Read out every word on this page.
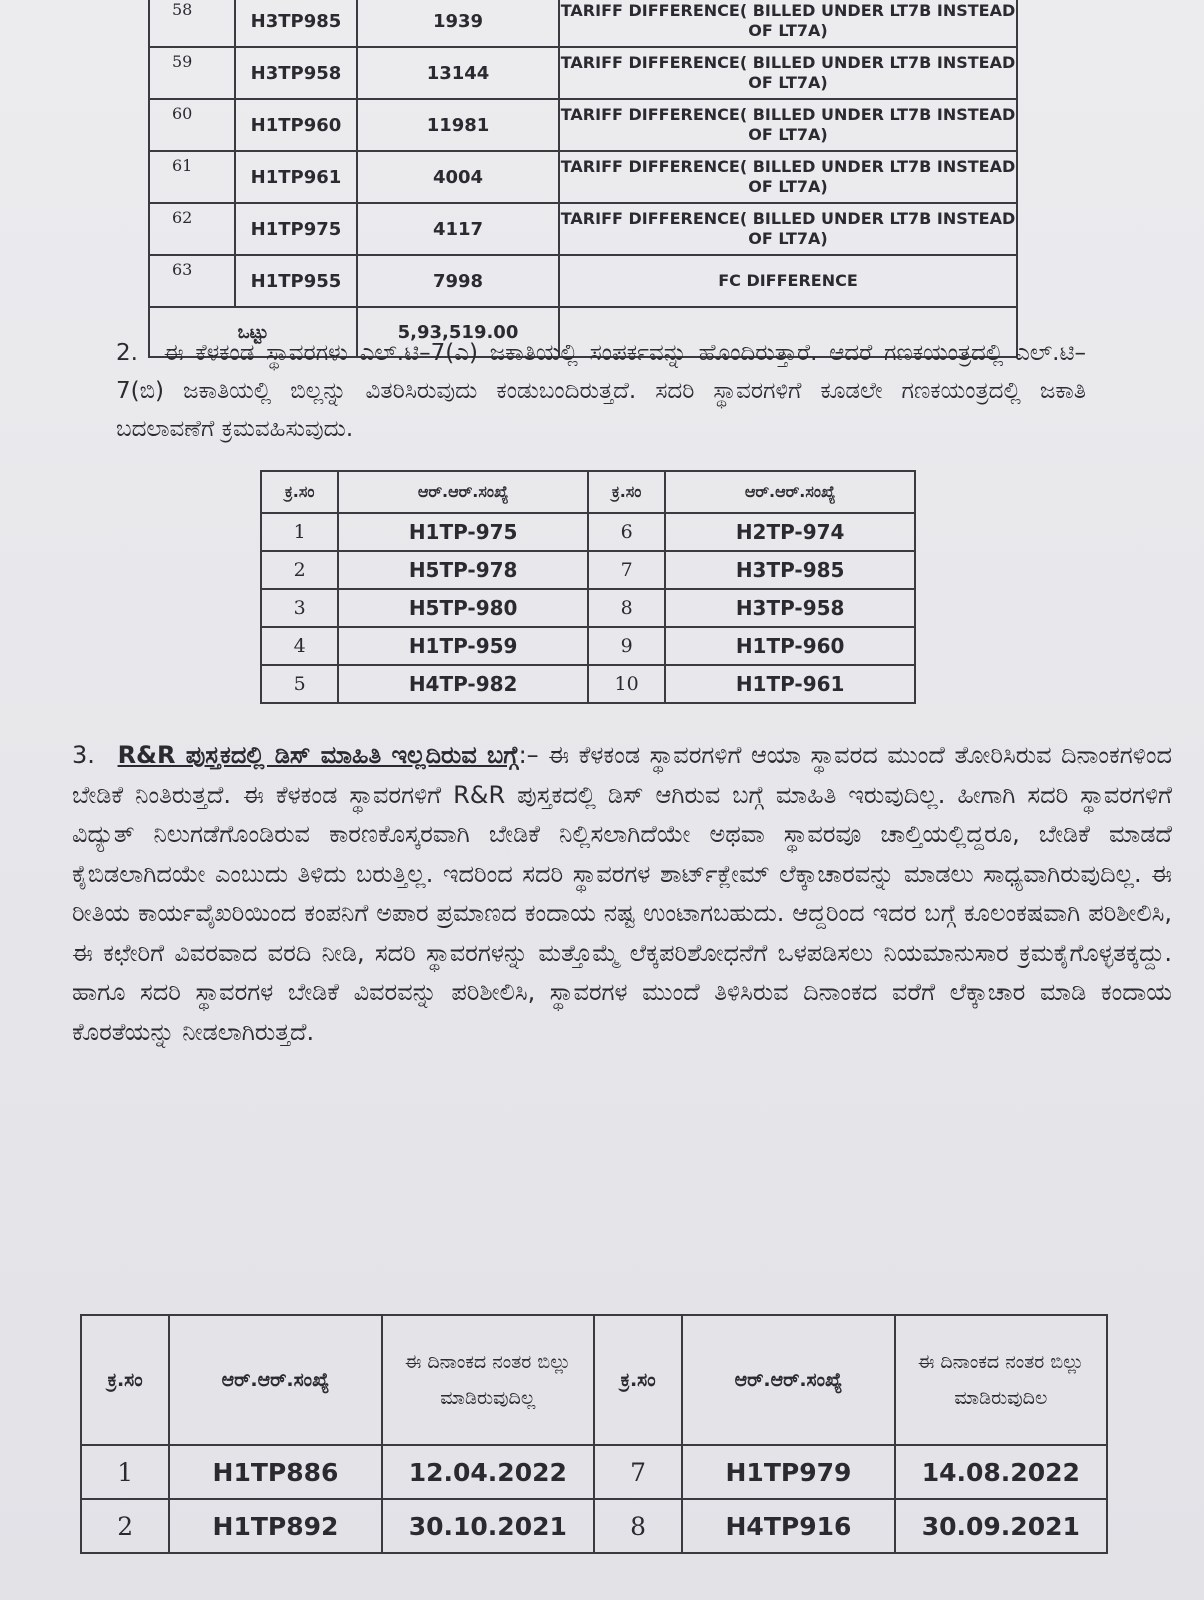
58	H3TP985	1939	TARIFF DIFFERENCE( BILLED UNDER LT7B INSTEAD OF LT7A)
59	H3TP958	13144	TARIFF DIFFERENCE( BILLED UNDER LT7B INSTEAD OF LT7A)
60	H1TP960	11981	TARIFF DIFFERENCE( BILLED UNDER LT7B INSTEAD OF LT7A)
61	H1TP961	4004	TARIFF DIFFERENCE( BILLED UNDER LT7B INSTEAD OF LT7A)
62	H1TP975	4117	TARIFF DIFFERENCE( BILLED UNDER LT7B INSTEAD OF LT7A)
63	H1TP955	7998	FC DIFFERENCE
ಒಟ್ಟು		5,93,519.00	
2. ಈ ಕೆಳಕಂಡ ಸ್ಥಾವರಗಳು ಎಲ್.ಟಿ–7(ಎ) ಜಕಾತಿಯಲ್ಲಿ ಸಂಪರ್ಕವನ್ನು ಹೊಂದಿರುತ್ತಾರೆ. ಆದರೆ ಗಣಕಯಂತ್ರದಲ್ಲಿ ಎಲ್.ಟಿ–7(ಬಿ) ಜಕಾತಿಯಲ್ಲಿ ಬಿಲ್ಲನ್ನು ವಿತರಿಸಿರುವುದು ಕಂಡುಬಂದಿರುತ್ತದೆ. ಸದರಿ ಸ್ಥಾವರಗಳಿಗೆ ಕೂಡಲೇ ಗಣಕಯಂತ್ರದಲ್ಲಿ ಜಕಾತಿ ಬದಲಾವಣೆಗೆ ಕ್ರಮವಹಿಸುವುದು.
ಕ್ರ.ಸಂ	ಆರ್.ಆರ್.ಸಂಖ್ಯೆ	ಕ್ರ.ಸಂ	ಆರ್.ಆರ್.ಸಂಖ್ಯೆ
1	H1TP-975	6	H2TP-974
2	H5TP-978	7	H3TP-985
3	H5TP-980	8	H3TP-958
4	H1TP-959	9	H1TP-960
5	H4TP-982	10	H1TP-961
3. R&R ಪುಸ್ತಕದಲ್ಲಿ ಡಿಸ್ ಮಾಹಿತಿ ಇಲ್ಲದಿರುವ ಬಗ್ಗೆ:– ಈ ಕೆಳಕಂಡ ಸ್ಥಾವರಗಳಿಗೆ ಆಯಾ ಸ್ಥಾವರದ ಮುಂದೆ ತೋರಿಸಿರುವ ದಿನಾಂಕಗಳಿಂದ ಬೇಡಿಕೆ ನಿಂತಿರುತ್ತದೆ. ಈ ಕೆಳಕಂಡ ಸ್ಥಾವರಗಳಿಗೆ R&R ಪುಸ್ತಕದಲ್ಲಿ ಡಿಸ್ ಆಗಿರುವ ಬಗ್ಗೆ ಮಾಹಿತಿ ಇರುವುದಿಲ್ಲ. ಹೀಗಾಗಿ ಸದರಿ ಸ್ಥಾವರಗಳಿಗೆ ವಿದ್ಯುತ್ ನಿಲುಗಡೆಗೊಂಡಿರುವ ಕಾರಣಕೊಸ್ಕರವಾಗಿ ಬೇಡಿಕೆ ನಿಲ್ಲಿಸಲಾಗಿದೆಯೇ ಅಥವಾ ಸ್ಥಾವರವೂ ಚಾಲ್ತಿಯಲ್ಲಿದ್ದರೂ, ಬೇಡಿಕೆ ಮಾಡದೆ ಕೈಬಿಡಲಾಗಿದಯೇ ಎಂಬುದು ತಿಳಿದು ಬರುತ್ತಿಲ್ಲ. ಇದರಿಂದ ಸದರಿ ಸ್ಥಾವರಗಳ ಶಾರ್ಟ್‌ಕ್ಲೇಮ್ ಲೆಕ್ಕಾಚಾರವನ್ನು ಮಾಡಲು ಸಾಧ್ಯವಾಗಿರುವುದಿಲ್ಲ. ಈ ರೀತಿಯ ಕಾರ್ಯವೈಖರಿಯಿಂದ ಕಂಪನಿಗೆ ಅಪಾರ ಪ್ರಮಾಣದ ಕಂದಾಯ ನಷ್ಟ ಉಂಟಾಗಬಹುದು. ಆದ್ದರಿಂದ ಇದರ ಬಗ್ಗೆ ಕೂಲಂಕಷವಾಗಿ ಪರಿಶೀಲಿಸಿ, ಈ ಕಛೇರಿಗೆ ವಿವರವಾದ ವರದಿ ನೀಡಿ, ಸದರಿ ಸ್ಥಾವರಗಳನ್ನು ಮತ್ತೊಮ್ಮೆ ಲೆಕ್ಕಪರಿಶೋಧನೆಗೆ ಒಳಪಡಿಸಲು ನಿಯಮಾನುಸಾರ ಕ್ರಮಕೈಗೊಳ್ಳತಕ್ಕದ್ದು. ಹಾಗೂ ಸದರಿ ಸ್ಥಾವರಗಳ ಬೇಡಿಕೆ ವಿವರವನ್ನು ಪರಿಶೀಲಿಸಿ, ಸ್ಥಾವರಗಳ ಮುಂದೆ ತಿಳಿಸಿರುವ ದಿನಾಂಕದ ವರೆಗೆ ಲೆಕ್ಕಾಚಾರ ಮಾಡಿ ಕಂದಾಯ ಕೊರತೆಯನ್ನು ನೀಡಲಾಗಿರುತ್ತದೆ.
ಕ್ರ.ಸಂ	ಆರ್.ಆರ್.ಸಂಖ್ಯೆ	ಈ ದಿನಾಂಕದ ನಂತರ ಬಿಲ್ಲು ಮಾಡಿರುವುದಿಲ್ಲ	ಕ್ರ.ಸಂ	ಆರ್.ಆರ್.ಸಂಖ್ಯೆ	ಈ ದಿನಾಂಕದ ನಂತರ ಬಿಲ್ಲು ಮಾಡಿರುವುದಿಲ
1	H1TP886	12.04.2022	7	H1TP979	14.08.2022
2	H1TP892	30.10.2021	8	H4TP916	30.09.2021
